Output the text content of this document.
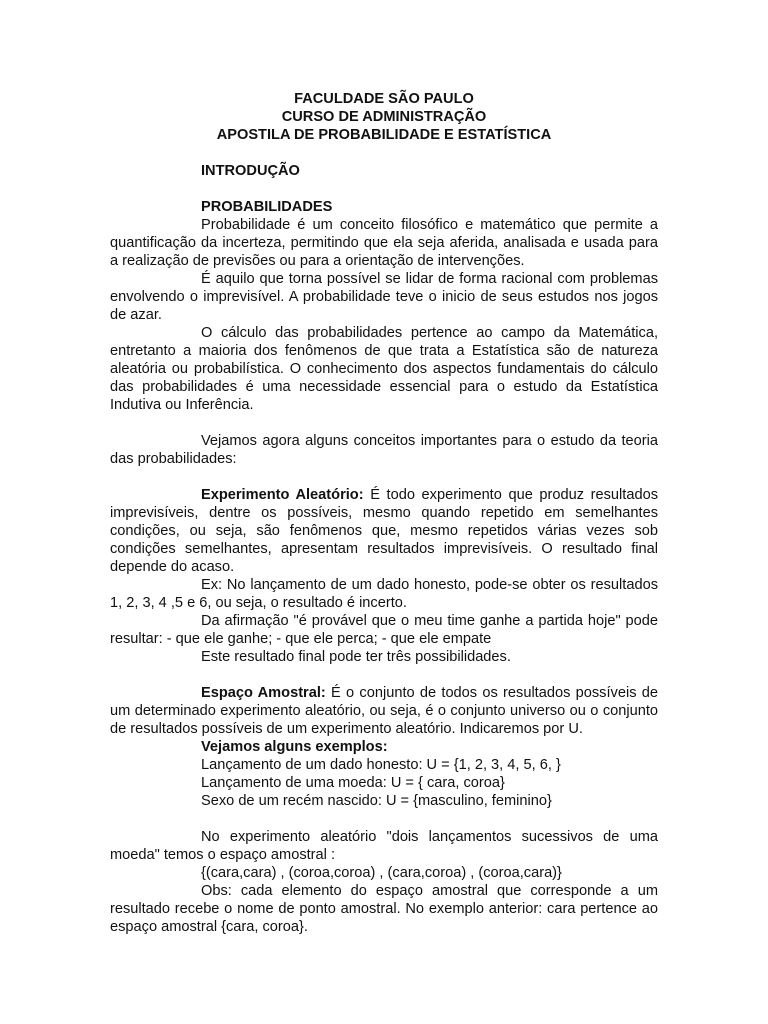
FACULDADE SÃO PAULO

CURSO DE ADMINISTRAÇÃO

APOSTILA DE PROBABILIDADE E ESTATÍSTICA

INTRODUÇÃO

PROBABILIDADES

Probabilidade é um conceito filosófico e matemático que permite a quantificação da incerteza, permitindo que ela seja aferida, analisada e usada para a realização de previsões ou para a orientação de intervenções.

É aquilo que torna possível se lidar de forma racional com problemas envolvendo o imprevisível. A probabilidade teve o inicio de seus estudos nos jogos de azar.

O cálculo das probabilidades pertence ao campo da Matemática, entretanto a maioria dos fenômenos de que trata a Estatística são de natureza aleatória ou probabilística. O conhecimento dos aspectos fundamentais do cálculo das probabilidades é uma necessidade essencial para o estudo da Estatística Indutiva ou Inferência.

Vejamos agora alguns conceitos importantes para o estudo da teoria das probabilidades:

Experimento Aleatório: É todo experimento que produz resultados imprevisíveis, dentre os possíveis, mesmo quando repetido em semelhantes condições, ou seja, são fenômenos que, mesmo repetidos várias vezes sob condições semelhantes, apresentam resultados imprevisíveis. O resultado final depende do acaso.

Ex: No lançamento de um dado honesto, pode-se obter os resultados 1, 2, 3, 4 ,5 e 6, ou seja, o resultado é incerto.

Da afirmação "é provável que o meu time ganhe a partida hoje" pode resultar: - que ele ganhe; - que ele perca; - que ele empate

Este resultado final pode ter três possibilidades.

Espaço Amostral: É o conjunto de todos os resultados possíveis de um determinado experimento aleatório, ou seja, é o conjunto universo ou o conjunto de resultados possíveis de um experimento aleatório. Indicaremos por U.

Vejamos alguns exemplos:

Lançamento de um dado honesto: U = {1, 2, 3, 4, 5, 6, }

Lançamento de uma moeda: U = { cara, coroa}

Sexo de um recém nascido: U = {masculino, feminino}

No experimento aleatório "dois lançamentos sucessivos de uma moeda" temos o espaço amostral :

{(cara,cara) , (coroa,coroa) , (cara,coroa) , (coroa,cara)}

Obs: cada elemento do espaço amostral que corresponde a um resultado recebe o nome de ponto amostral. No exemplo anterior: cara pertence ao espaço amostral {cara, coroa}.
